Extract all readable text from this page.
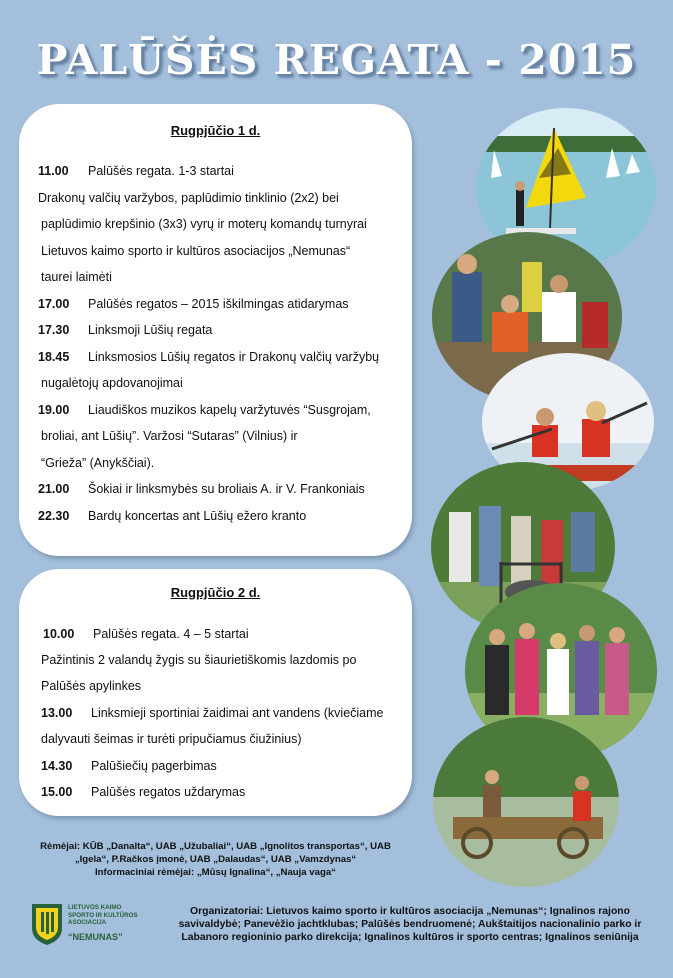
PALŪŠĖS REGATA - 2015
Rugpjūčio 1 d.
11.00 Palūšės regata. 1-3 startai
Drakonų valčių varžybos, paplūdimio tinklinio (2x2) bei
paplūdimio krepšinio (3x3) vyrų ir moterų komandų turnyrai
Lietuvos kaimo sporto ir kultūros asociacijos „Nemunas“
taurei laimėti
17.00 Palūšės regatos – 2015 iškilmingas atidarymas
17.30 Linksmoji Lūšių regata
18.45 Linksmosios Lūšių regatos ir Drakonų valčių varžybų
nugalėtojų apdovanojimai
19.00 Liaudiškos muzikos kapelų varžytuvės “Susgrojam,
broliai, ant Lūšių”. Varžosi “Sutaras” (Vilnius) ir
“Grieža” (Anykščiai).
21.00 Šokiai ir linksmybės su broliais A. ir V. Frankoniais
22.30 Bardų koncertas ant Lūšių ežero kranto
Rugpjūčio 2 d.
10.00 Palūšės regata. 4 – 5 startai
Pažintinis 2 valandų žygis su šiaurietiškomis lazdomis po
Palūšės apylinkes
13.00 Linksmieji sportiniai žaidimai ant vandens (kviečiame
dalyvauti šeimas ir turėti pripučiamus čiužinius)
14.30 Palūšiečių pagerbimas
15.00 Palūšės regatos uždarymas
Rėmėjai: KŪB „Danalta“, UAB „Užubaliai“, UAB „Ignolitos transportas“, UAB
„Igela“, P.Račkos įmonė, UAB „Dalaudas“, UAB „Vamzdynas“
Informaciniai rėmėjai: „Mūsų Ignalina“, „Nauja vaga“
LIETUVOS KAIMO
SPORTO IR KULTŪROS
ASOCIACIJA
“NEMUNAS”
Organizatoriai: Lietuvos kaimo sporto ir kultūros asociacija „Nemunas“; Ignalinos rajono
savivaldybė; Panevėžio jachtklubas; Palūšės bendruomenė; Aukštaitijos nacionalinio parko ir
Labanoro regioninio parko direkcija; Ignalinos kultūros ir sporto centras; Ignalinos seniūnija
